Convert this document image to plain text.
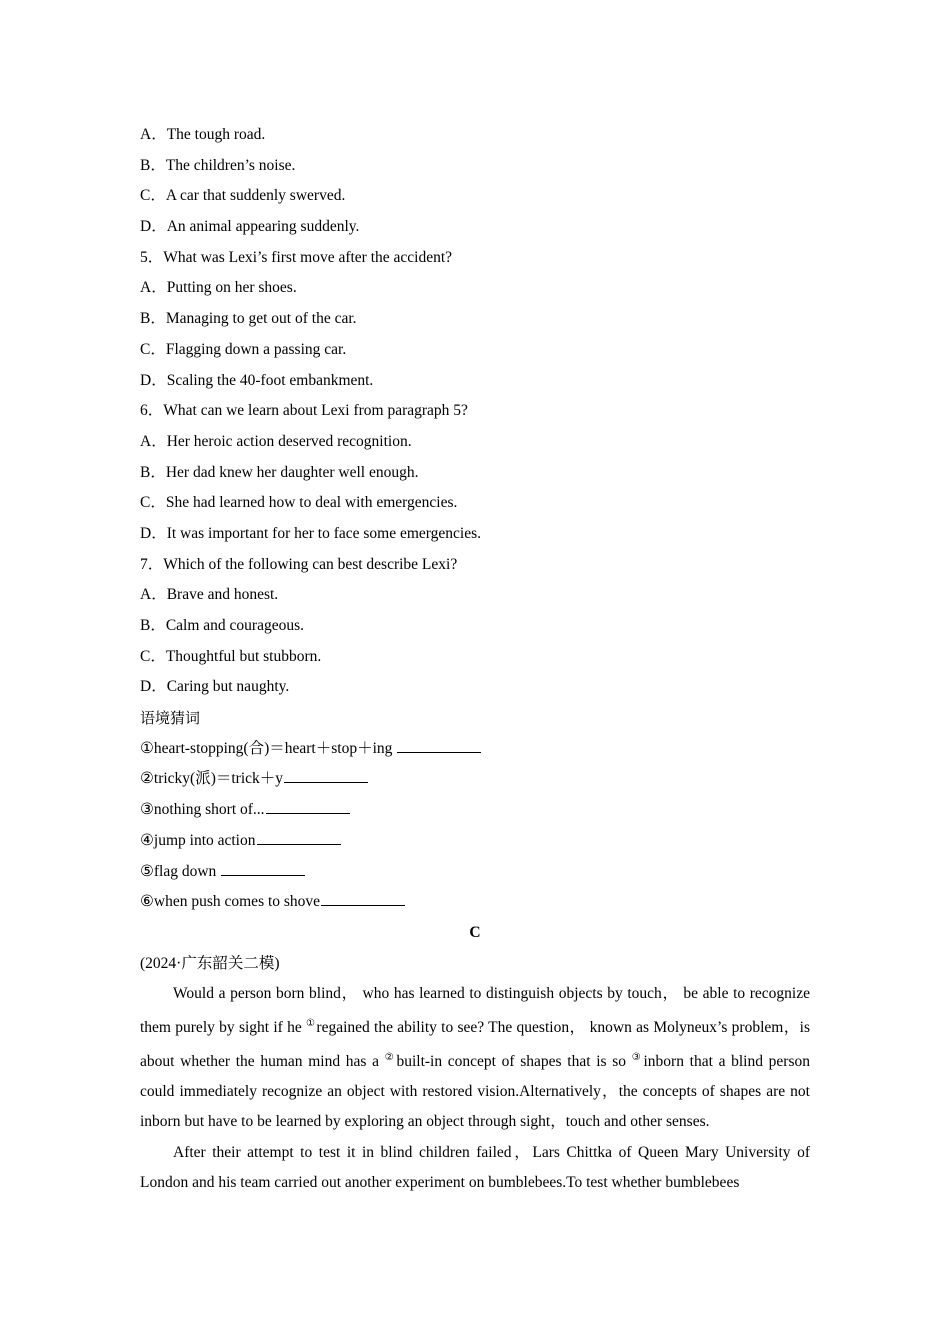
A．The tough road.
B．The children’s noise.
C．A car that suddenly swerved.
D．An animal appearing suddenly.
5．What was Lexi’s first move after the accident?
A．Putting on her shoes.
B．Managing to get out of the car.
C．Flagging down a passing car.
D．Scaling the 40-foot embankment.
6．What can we learn about Lexi from paragraph 5?
A．Her heroic action deserved recognition.
B．Her dad knew her daughter well enough.
C．She had learned how to deal with emergencies.
D．It was important for her to face some emergencies.
7．Which of the following can best describe Lexi?
A．Brave and honest.
B．Calm and courageous.
C．Thoughtful but stubborn.
D．Caring but naughty.
语境猜词
①heart-stopping(合)＝heart＋stop＋ing
②tricky(派)＝trick＋y
③nothing short of...
④jump into action
⑤flag down
⑥when push comes to shove
C
(2024·广东韶关二模)

Would a person born blind， who has learned to distinguish objects by touch， be able to recognize them purely by sight if he ①regained the ability to see? The question， known as Molyneux’s problem，is about whether the human mind has a ②built-in concept of shapes that is so ③inborn that a blind person could immediately recognize an object with restored vision.Alternatively，the concepts of shapes are not inborn but have to be learned by exploring an object through sight，touch and other senses.

After their attempt to test it in blind children failed，Lars Chittka of Queen Mary University of London and his team carried out another experiment on bumblebees.To test whether bumblebees
